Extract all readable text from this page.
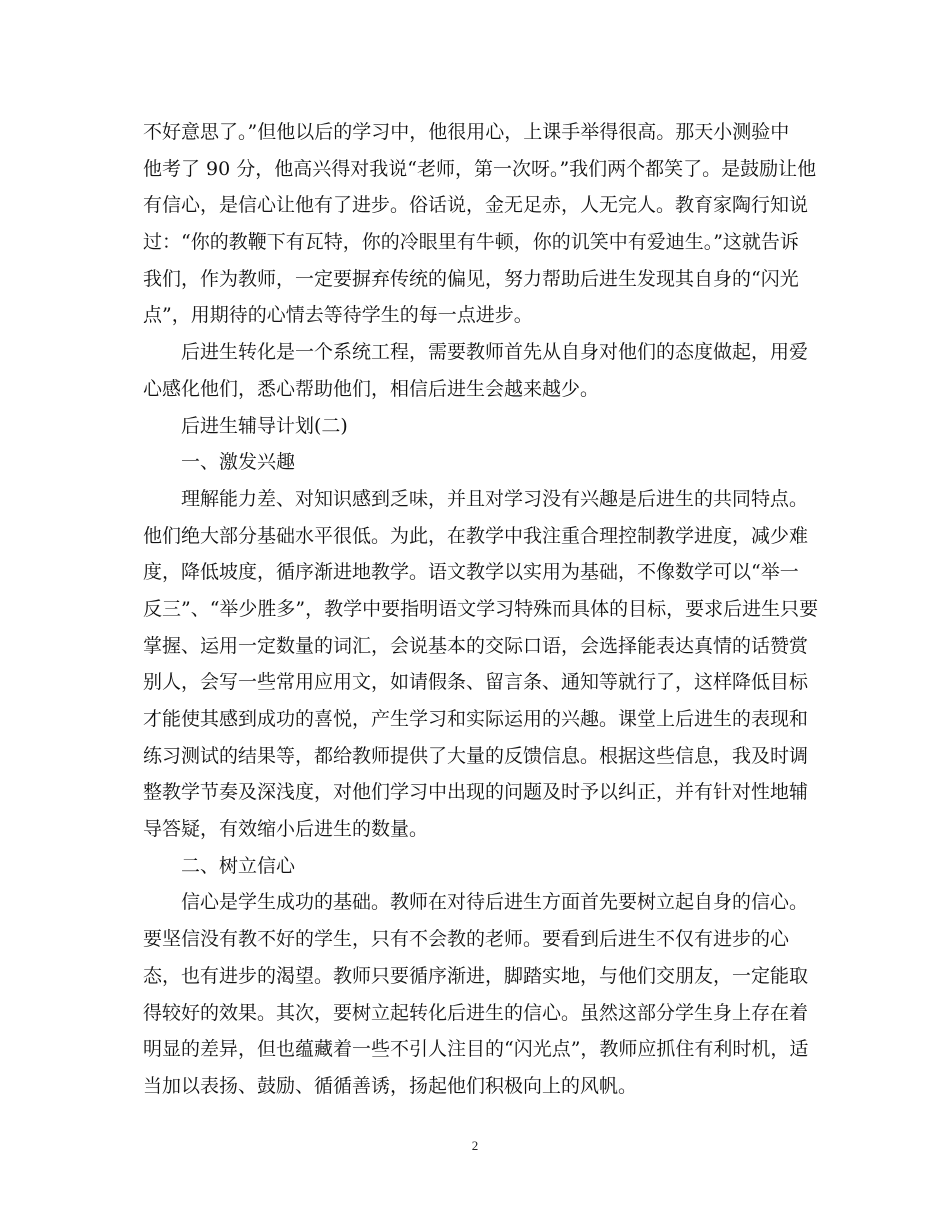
不好意思了。”但他以后的学习中，他很用心，上课手举得很高。那天小测验中
他考了 90 分，他高兴得对我说“老师，第一次呀。”我们两个都笑了。是鼓励让他
有信心，是信心让他有了进步。俗话说，金无足赤，人无完人。教育家陶行知说
过：“你的教鞭下有瓦特，你的冷眼里有牛顿，你的讥笑中有爱迪生。”这就告诉
我们，作为教师，一定要摒弃传统的偏见，努力帮助后进生发现其自身的“闪光
点”，用期待的心情去等待学生的每一点进步。
后进生转化是一个系统工程，需要教师首先从自身对他们的态度做起，用爱
心感化他们，悉心帮助他们，相信后进生会越来越少。
后进生辅导计划(二)
一、激发兴趣
理解能力差、对知识感到乏味，并且对学习没有兴趣是后进生的共同特点。
他们绝大部分基础水平很低。为此，在教学中我注重合理控制教学进度，减少难
度，降低坡度，循序渐进地教学。语文教学以实用为基础，不像数学可以“举一
反三”、“举少胜多”，教学中要指明语文学习特殊而具体的目标，要求后进生只要
掌握、运用一定数量的词汇，会说基本的交际口语，会选择能表达真情的话赞赏
别人，会写一些常用应用文，如请假条、留言条、通知等就行了，这样降低目标
才能使其感到成功的喜悦，产生学习和实际运用的兴趣。课堂上后进生的表现和
练习测试的结果等，都给教师提供了大量的反馈信息。根据这些信息，我及时调
整教学节奏及深浅度，对他们学习中出现的问题及时予以纠正，并有针对性地辅
导答疑，有效缩小后进生的数量。
二、树立信心
信心是学生成功的基础。教师在对待后进生方面首先要树立起自身的信心。
要坚信没有教不好的学生，只有不会教的老师。要看到后进生不仅有进步的心
态，也有进步的渴望。教师只要循序渐进，脚踏实地，与他们交朋友，一定能取
得较好的效果。其次，要树立起转化后进生的信心。虽然这部分学生身上存在着
明显的差异，但也蕴藏着一些不引人注目的“闪光点”，教师应抓住有利时机，适
当加以表扬、鼓励、循循善诱，扬起他们积极向上的风帆。
2
